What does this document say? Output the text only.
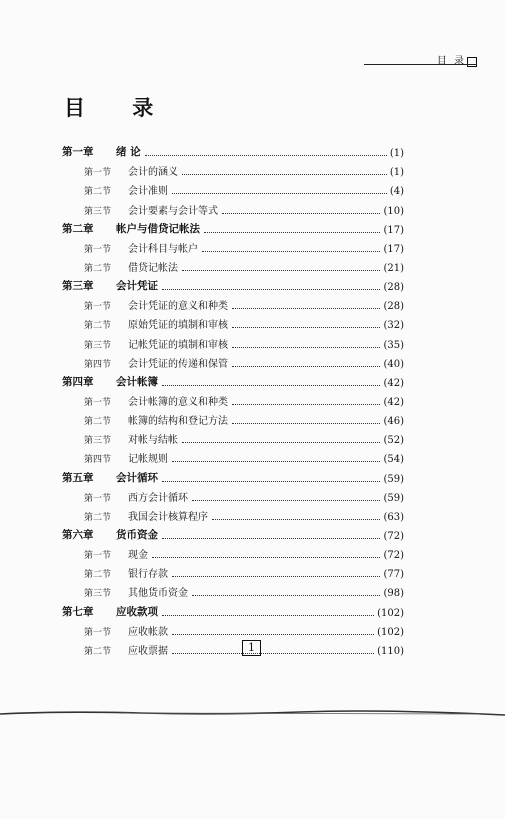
目 录
目 录
第一章	绪 论	(1)
第一节	会计的涵义	(1)
第二节	会计准则	(4)
第三节	会计要素与会计等式	(10)
第二章	帐户与借贷记帐法	(17)
第一节	会计科目与帐户	(17)
第二节	借贷记帐法	(21)
第三章	会计凭证	(28)
第一节	会计凭证的意义和种类	(28)
第二节	原始凭证的填制和审核	(32)
第三节	记帐凭证的填制和审核	(35)
第四节	会计凭证的传递和保管	(40)
第四章	会计帐簿	(42)
第一节	会计帐簿的意义和种类	(42)
第二节	帐簿的结构和登记方法	(46)
第三节	对帐与结帐	(52)
第四节	记帐规则	(54)
第五章	会计循环	(59)
第一节	西方会计循环	(59)
第二节	我国会计核算程序	(63)
第六章	货币资金	(72)
第一节	现金	(72)
第二节	银行存款	(77)
第三节	其他货币资金	(98)
第七章	应收款项	(102)
第一节	应收帐款	(102)
第二节	应收票据	(110)
1
